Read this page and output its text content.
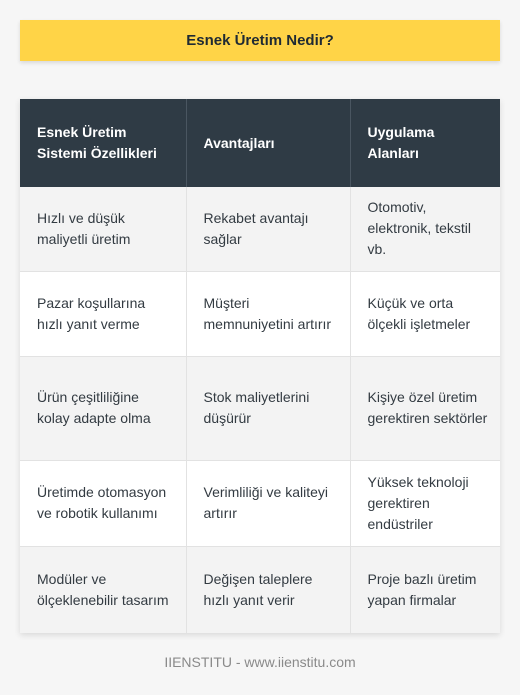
Esnek Üretim Nedir?
Esnek Üretim Sistemi Özellikleri	Avantajları	Uygulama Alanları
Hızlı ve düşük maliyetli üretim	Rekabet avantajı sağlar	Otomotiv, elektronik, tekstil vb.
Pazar koşullarına hızlı yanıt verme	Müşteri memnuniyetini artırır	Küçük ve orta ölçekli işletmeler
Ürün çeşitliliğine kolay adapte olma	Stok maliyetlerini düşürür	Kişiye özel üretim gerektiren sektörler
Üretimde otomasyon ve robotik kullanımı	Verimliliği ve kaliteyi artırır	Yüksek teknoloji gerektiren endüstriler
Modüler ve ölçeklenebilir tasarım	Değişen taleplere hızlı yanıt verir	Proje bazlı üretim yapan firmalar
IIENSTITU - www.iienstitu.com
